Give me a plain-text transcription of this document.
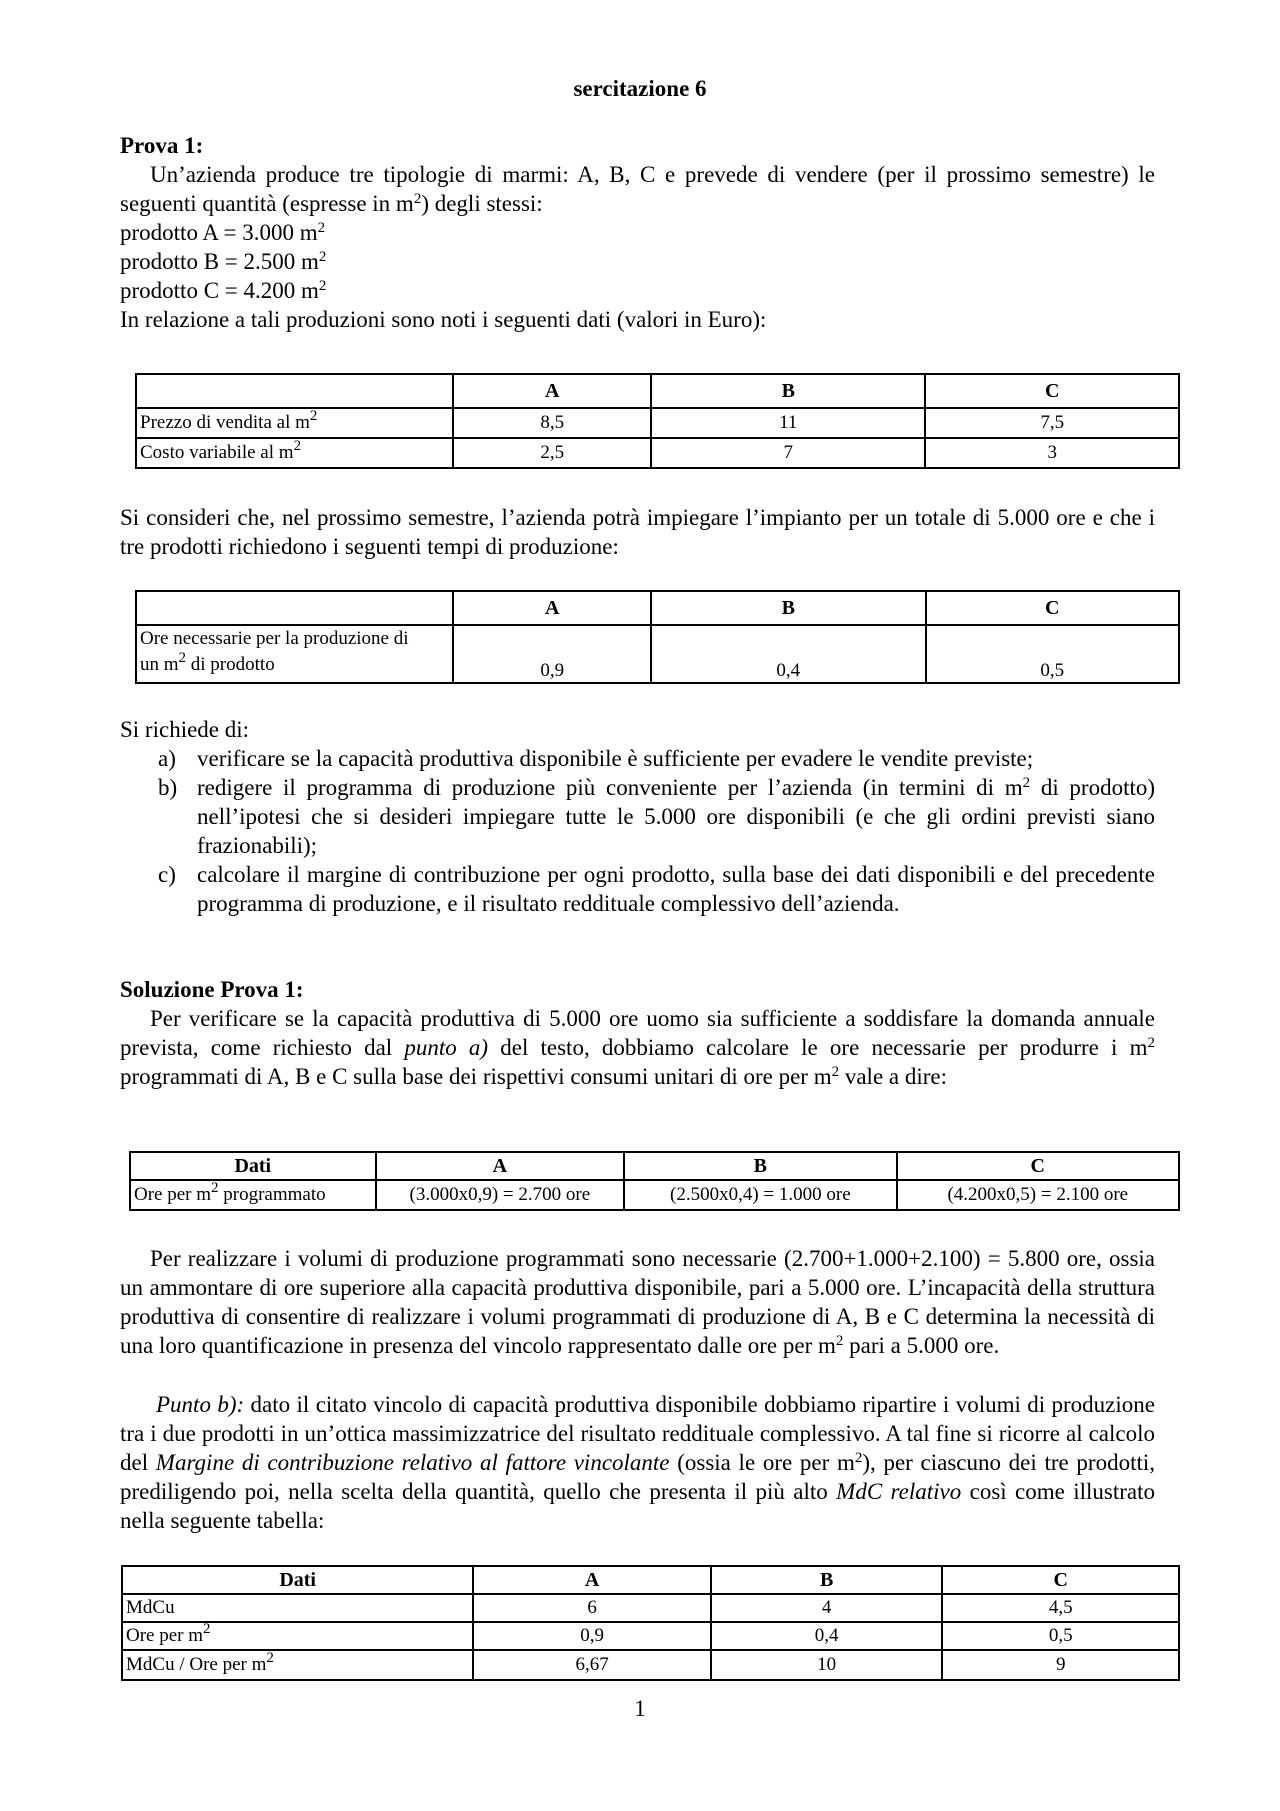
sercitazione 6

Prova 1:

Un’azienda produce tre tipologie di marmi: A, B, C e prevede di vendere (per il prossimo semestre) le seguenti quantità (espresse in $m^2$) degli stessi:

prodotto A = 3.000 $m^2$

prodotto B = 2.500 $m^2$

prodotto C = 4.200 $m^2$

In relazione a tali produzioni sono noti i seguenti dati (valori in Euro):

	A	B	C
Prezzo di vendita al $m^2$	8,5	11	7,5
Costo variabile al $m^2$	2,5	7	3
Si consideri che, nel prossimo semestre, l’azienda potrà impiegare l’impianto per un totale di 5.000 ore e che i tre prodotti richiedono i seguenti tempi di produzione:
	A	B	C
Ore necessarie per la produzione di
un $m^2$ di prodotto	0,9	0,4	0,5

Si richiede di:

a) verificare se la capacità produttiva disponibile è sufficiente per evadere le vendite previste;
b) redigere il programma di produzione più conveniente per l’azienda (in termini di $m^2$ di prodotto) nell’ipotesi che si desideri impiegare tutte le 5.000 ore disponibili (e che gli ordini previsti siano frazionabili);
c) calcolare il margine di contribuzione per ogni prodotto, sulla base dei dati disponibili e del precedente programma di produzione, e il risultato reddituale complessivo dell’azienda.

Soluzione Prova 1:

Per verificare se la capacità produttiva di 5.000 ore uomo sia sufficiente a soddisfare la domanda annuale prevista, come richiesto dal punto a) del testo, dobbiamo calcolare le ore necessarie per produrre i $m^2$ programmati di A, B e C sulla base dei rispettivi consumi unitari di ore per $m^2$ vale a dire:

Dati	A	B	C
Ore per $m^2$ programmato	(3.000x0,9) = 2.700 ore	(2.500x0,4) = 1.000 ore	(4.200x0,5) = 2.100 ore
Per realizzare i volumi di produzione programmati sono necessarie (2.700+1.000+2.100) = 5.800 ore, ossia un ammontare di ore superiore alla capacità produttiva disponibile, pari a 5.000 ore. L’incapacità della struttura produttiva di consentire di realizzare i volumi programmati di produzione di A, B e C determina la necessità di una loro quantificazione in presenza del vincolo rappresentato dalle ore per $m^2$ pari a 5.000 ore.
Punto b): dato il citato vincolo di capacità produttiva disponibile dobbiamo ripartire i volumi di produzione tra i due prodotti in un’ottica massimizzatrice del risultato reddituale complessivo. A tal fine si ricorre al calcolo del Margine di contribuzione relativo al fattore vincolante (ossia le ore per $m^2$), per ciascuno dei tre prodotti, prediligendo poi, nella scelta della quantità, quello che presenta il più alto MdC relativo così come illustrato nella seguente tabella:
Dati	A	B	C
MdCu	6	4	4,5
Ore per $m^2$	0,9	0,4	0,5
MdCu / Ore per $m^2$	6,67	10	9
1
